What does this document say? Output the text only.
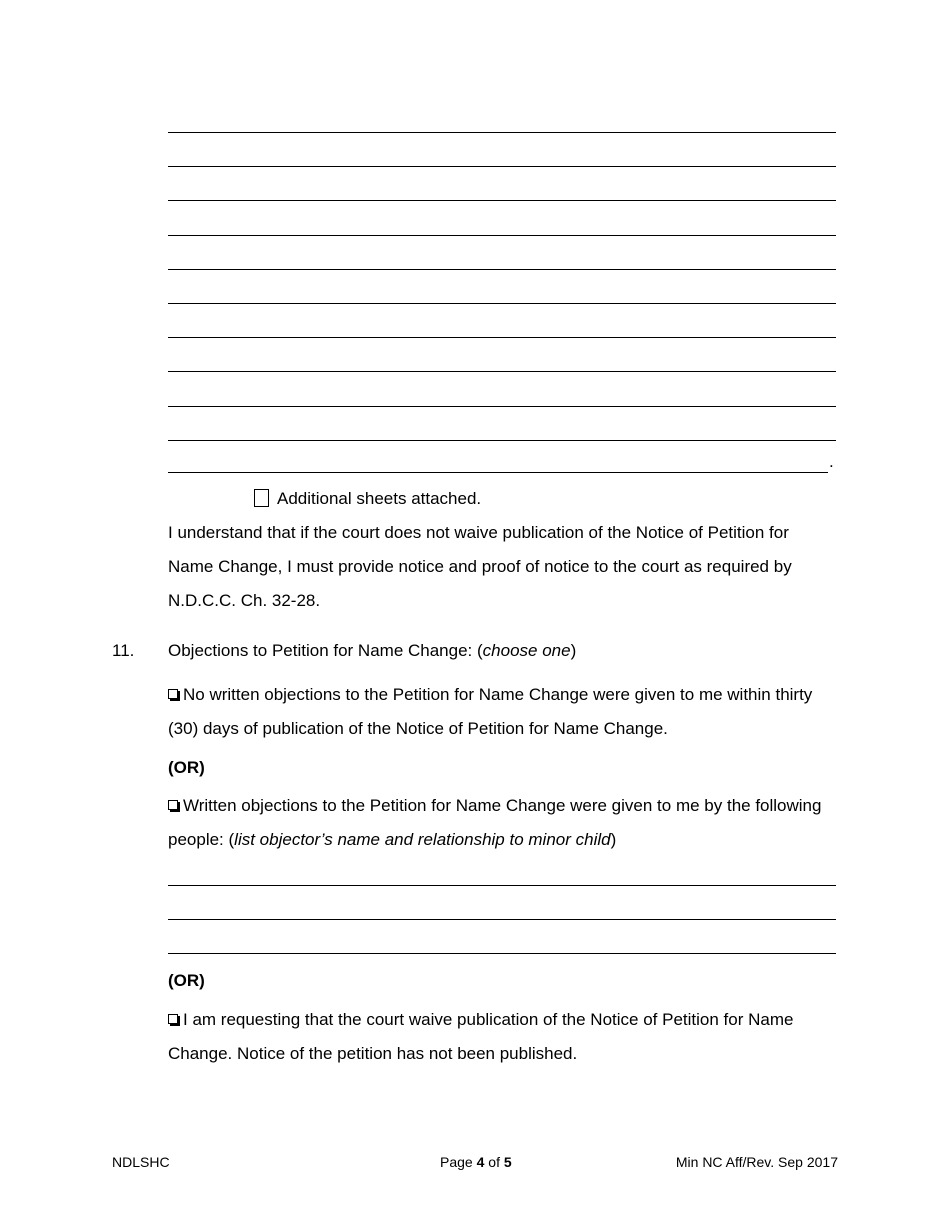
.
Additional sheets attached.
I understand that if the court does not waive publication of the Notice of Petition for
Name Change, I must provide notice and proof of notice to the court as required by
N.D.C.C. Ch. 32-28.
11. Objections to Petition for Name Change: (choose one)
No written objections to the Petition for Name Change were given to me within thirty
(30) days of publication of the Notice of Petition for Name Change.
(OR)
Written objections to the Petition for Name Change were given to me by the following
people: (list objector’s name and relationship to minor child)
(OR)
I am requesting that the court waive publication of the Notice of Petition for Name
Change. Notice of the petition has not been published.
NDLSHC	Page 4 of 5	Min NC Aff/Rev. Sep 2017
